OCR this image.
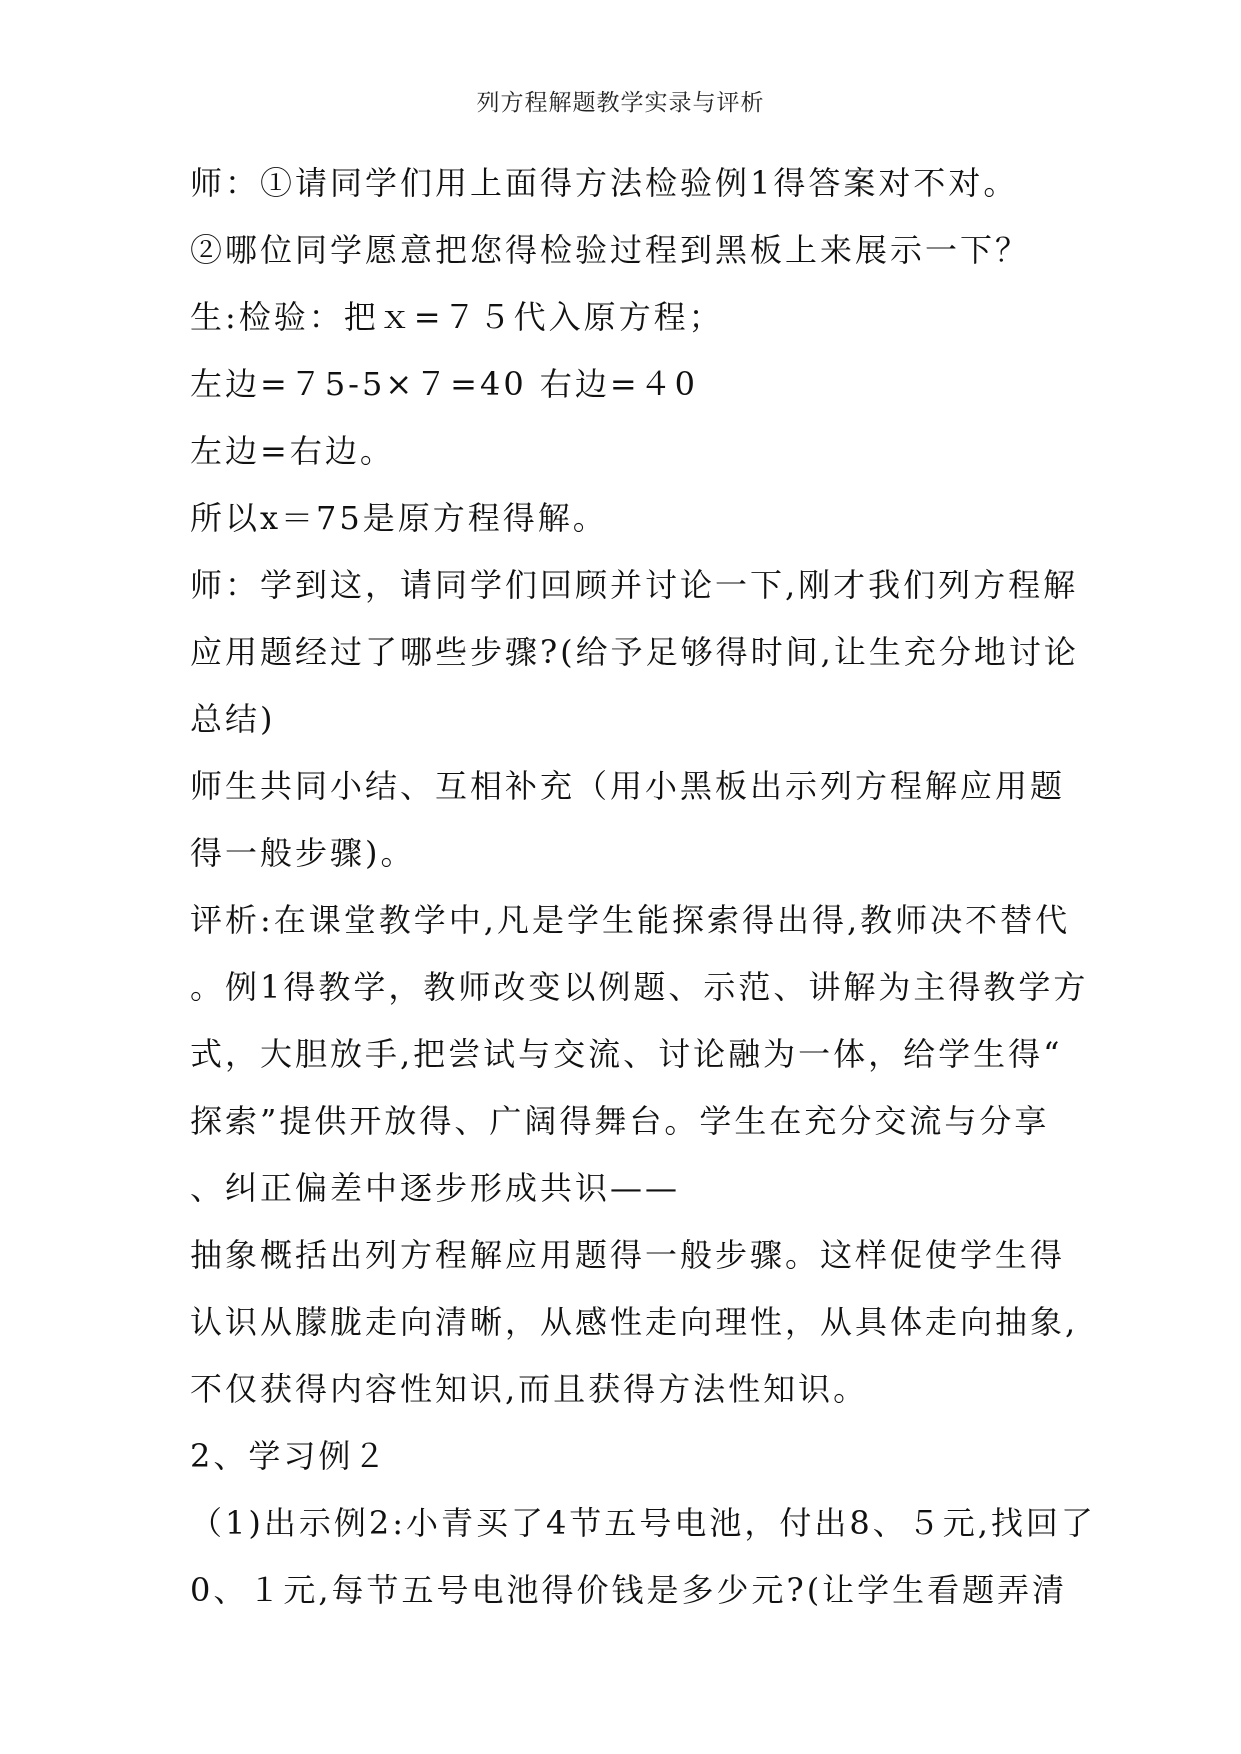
列方程解题教学实录与评析
师：①请同学们用上面得方法检验例1得答案对不对。
②哪位同学愿意把您得检验过程到黑板上来展示一下？
生:检验：把ｘ=７５代入原方程；
左边=７5-5×７=40 右边=４0
左边=右边。
所以x＝75是原方程得解。
师：学到这，请同学们回顾并讨论一下,刚才我们列方程解
应用题经过了哪些步骤?(给予足够得时间,让生充分地讨论
总结)
师生共同小结、互相补充（用小黑板出示列方程解应用题
得一般步骤)。
评析:在课堂教学中,凡是学生能探索得出得,教师决不替代
。例1得教学，教师改变以例题、示范、讲解为主得教学方
式，大胆放手,把尝试与交流、讨论融为一体，给学生得“
探索”提供开放得、广阔得舞台。学生在充分交流与分享
、纠正偏差中逐步形成共识——
抽象概括出列方程解应用题得一般步骤。这样促使学生得
认识从朦胧走向清晰，从感性走向理性，从具体走向抽象,
不仅获得内容性知识,而且获得方法性知识。
2、学习例２
（1)出示例2:小青买了4节五号电池，付出8、５元,找回了
0、１元,每节五号电池得价钱是多少元?(让学生看题弄清
